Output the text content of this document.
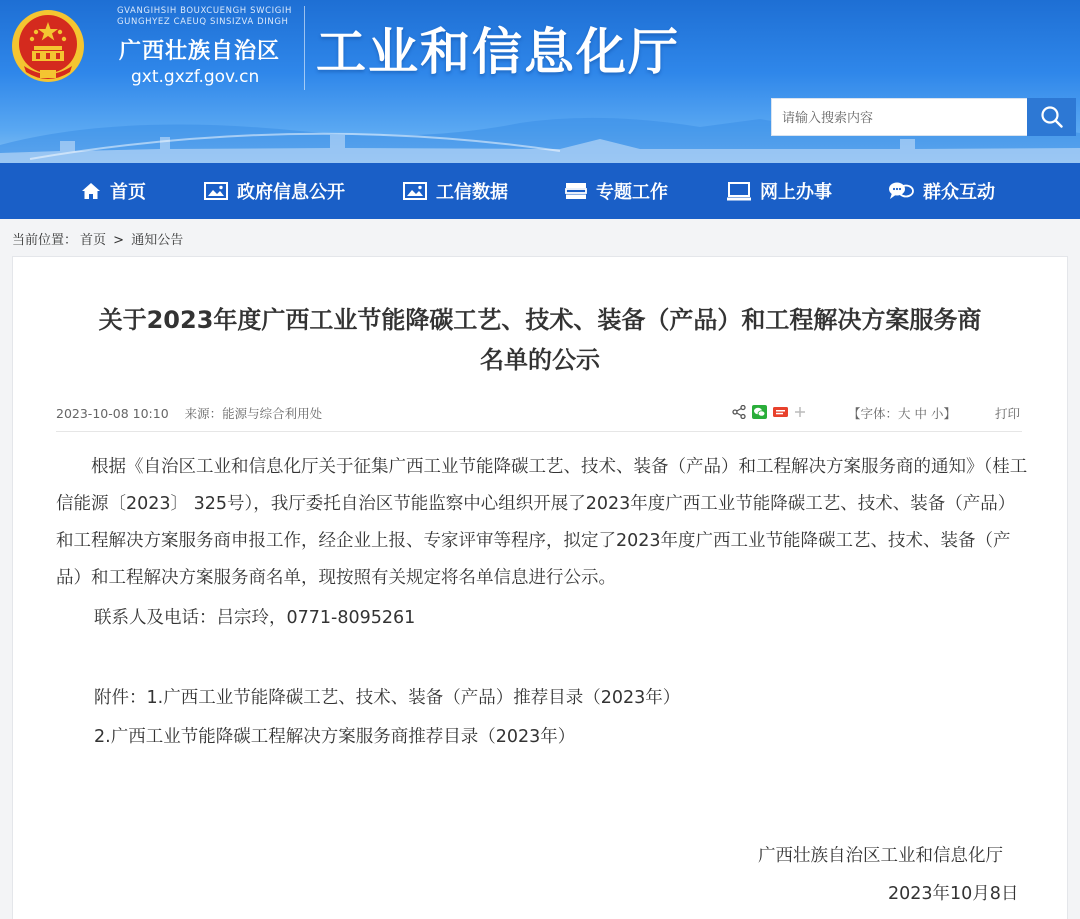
GVANGIHSIH BOUXCUENGH SWCIGIH
GUNGHYEZ CAEUQ SINSIZVA DINGH
广西壮族自治区
gxt.gxzf.gov.cn 工业和信息化厅
请输入搜索内容
首页	政府信息公开	工信数据	专题工作	网上办事	群众互动
当前位置： 首页 > 通知公告
关于2023年度广西工业节能降碳工艺、技术、装备（产品）和工程解决方案服务商
名单的公示
2023-10-08 10:10 来源：能源与综合利用处	【字体：大 中 小】	打印

根据《自治区工业和信息化厅关于征集广西工业节能降碳工艺、技术、装备（产品）和工程解决方案服务商的通知》（桂工信能源〔2023〕 325号），我厅委托自治区节能监察中心组织开展了2023年度广西工业节能降碳工艺、技术、装备（产品）和工程解决方案服务商申报工作，经企业上报、专家评审等程序，拟定了2023年度广西工业节能降碳工艺、技术、装备（产品）和工程解决方案服务商名单，现按照有关规定将名单信息进行公示。

联系人及电话：吕宗玲，0771-8095261
附件：1.广西工业节能降碳工艺、技术、装备（产品）推荐目录（2023年）
2.广西工业节能降碳工程解决方案服务商推荐目录（2023年）
广西壮族自治区工业和信息化厅
2023年10月8日
